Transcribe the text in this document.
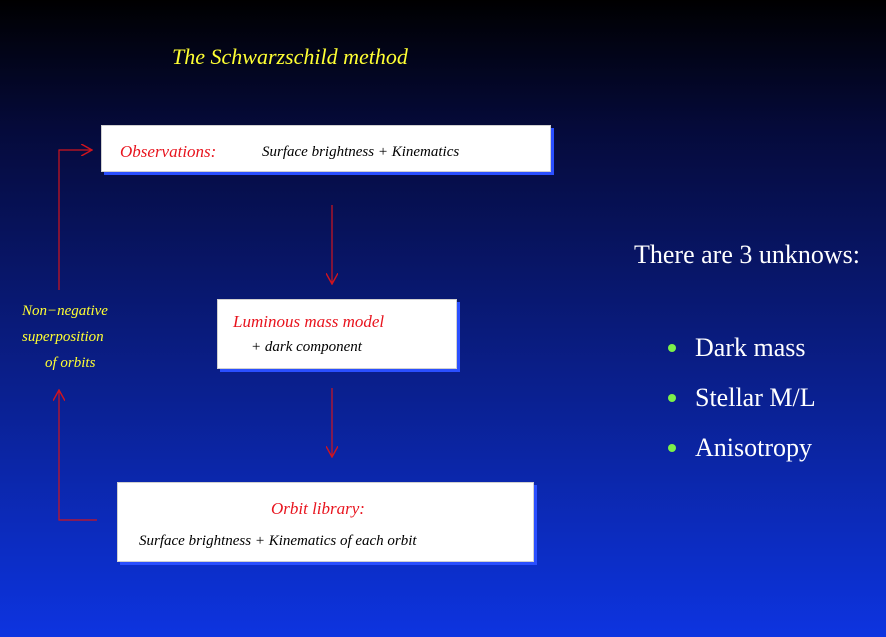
The Schwarzschild method
Observations:	Surface brightness + Kinematics
Luminous mass model
+ dark component
Orbit library:
Surface brightness + Kinematics of each orbit
Non−negative
superposition
of orbits
There are 3 unknows:
Dark mass
Stellar M/L
Anisotropy
